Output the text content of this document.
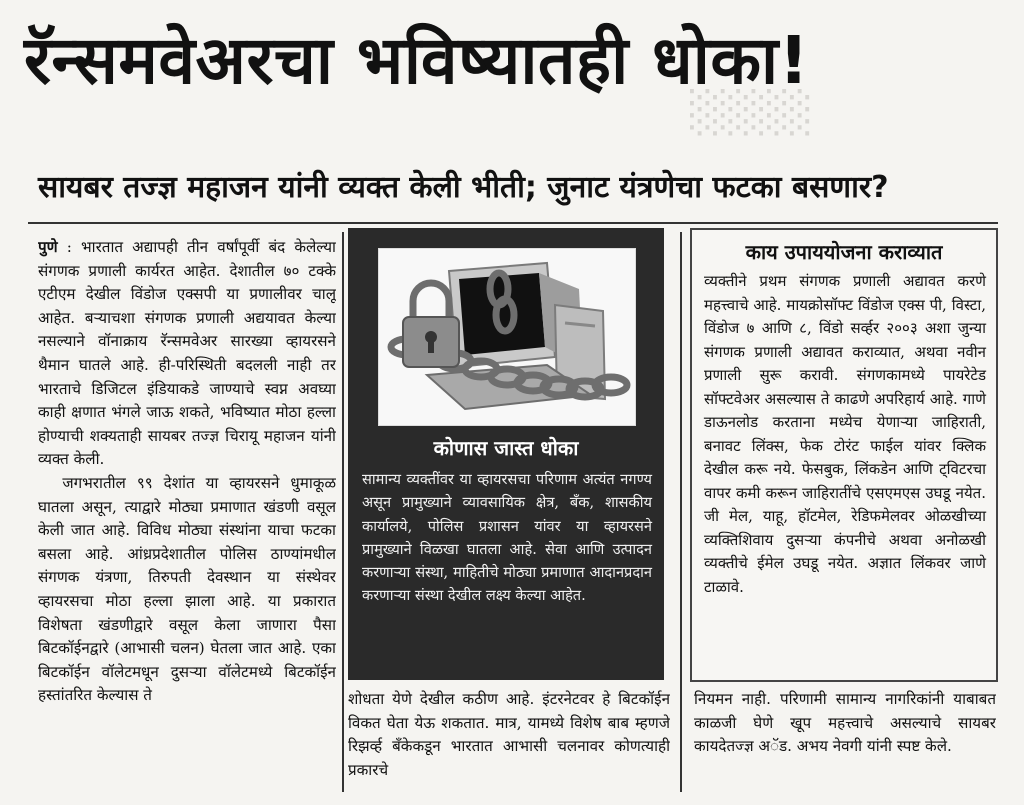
░░░░
रॅन्समवेअरचा भविष्यातही धोका!
सायबर तज्ज्ञ महाजन यांनी व्यक्त केली भीती; जुनाट यंत्रणेचा फटका बसणार?

पुणे : भारतात अद्यापही तीन वर्षांपूर्वी बंद केलेल्या संगणक प्रणाली कार्यरत आहेत. देशातील ७० टक्के एटीएम देखील विंडोज एक्सपी या प्रणालीवर चालू आहेत. बऱ्याचशा संगणक प्रणाली अद्ययावत केल्या नसल्याने वॉनाक्राय रॅन्समवेअर सारख्या व्हायरसने थैमान घातले आहे. ही-परिस्थिती बदलली नाही तर भारताचे डिजिटल इंडियाकडे जाण्याचे स्वप्न अवघ्या काही क्षणात भंगले जाऊ शकते, भविष्यात मोठा हल्ला होण्याची शक्यताही सायबर तज्ज्ञ चिरायू महाजन यांनी व्यक्त केली.

जगभरातील ९९ देशांत या व्हायरसने धुमाकूळ घातला असून, त्याद्वारे मोठ्या प्रमाणात खंडणी वसूल केली जात आहे. विविध मोठ्या संस्थांना याचा फटका बसला आहे. आंध्रप्रदेशातील पोलिस ठाण्यांमधील संगणक यंत्रणा, तिरुपती देवस्थान या संस्थेवर व्हायरसचा मोठा हल्ला झाला आहे. या प्रकारात विशेषता खंडणीद्वारे वसूल केला जाणारा पैसा बिटकॉईनद्वारे (आभासी चलन) घेतला जात आहे. एका बिटकॉईन वॉलेटमधून दुसऱ्या वॉलेटमध्ये बिटकॉईन हस्तांतरित केल्यास ते

कोणास जास्त धोका
सामान्य व्यक्तींवर या व्हायरसचा परिणाम अत्यंत नगण्य असून प्रामुख्याने व्यावसायिक क्षेत्र, बँक, शासकीय कार्यालये, पोलिस प्रशासन यांवर या व्हायरसने प्रामुख्याने विळखा घातला आहे. सेवा आणि उत्पादन करणाऱ्या संस्था, माहितीचे मोठ्या प्रमाणात आदानप्रदान करणाऱ्या संस्था देखील लक्ष्य केल्या आहेत.
काय उपाययोजना कराव्यात
व्यक्तीने प्रथम संगणक प्रणाली अद्यावत करणे महत्त्वाचे आहे. मायक्रोसॉफ्ट विंडोज एक्स पी, विस्टा, विंडोज ७ आणि ८, विंडो सर्व्हर २००३ अशा जुन्या संगणक प्रणाली अद्यावत कराव्यात, अथवा नवीन प्रणाली सुरू करावी. संगणकामध्ये पायरेटेड सॉफ्टवेअर असल्यास ते काढणे अपरिहार्य आहे. गाणे डाऊनलोड करताना मध्येच येणाऱ्या जाहिराती, बनावट लिंक्स, फेक टोरंट फाईल यांवर क्लिक देखील करू नये. फेसबुक, लिंकडेन आणि ट्विटरचा वापर कमी करून जाहिरातींचे एसएमएस उघडू नयेत. जी मेल, याहू, हॉटमेल, रेडिफमेलवर ओळखीच्या व्यक्तिशिवाय दुसऱ्या कंपनीचे अथवा अनोळखी व्यक्तीचे ईमेल उघडू नयेत. अज्ञात लिंकवर जाणे टाळावे.
शोधता येणे देखील कठीण आहे. इंटरनेटवर हे बिटकॉईन विकत घेता येऊ शकतात. मात्र, यामध्ये विशेष बाब म्हणजे रिझर्व्ह बँकेकडून भारतात आभासी चलनावर कोणत्याही प्रकारचे
नियमन नाही. परिणामी सामान्य नागरिकांनी याबाबत काळजी घेणे खूप महत्त्वाचे असल्याचे सायबर कायदेतज्ज्ञ अॅड. अभय नेवगी यांनी स्पष्ट केले.
